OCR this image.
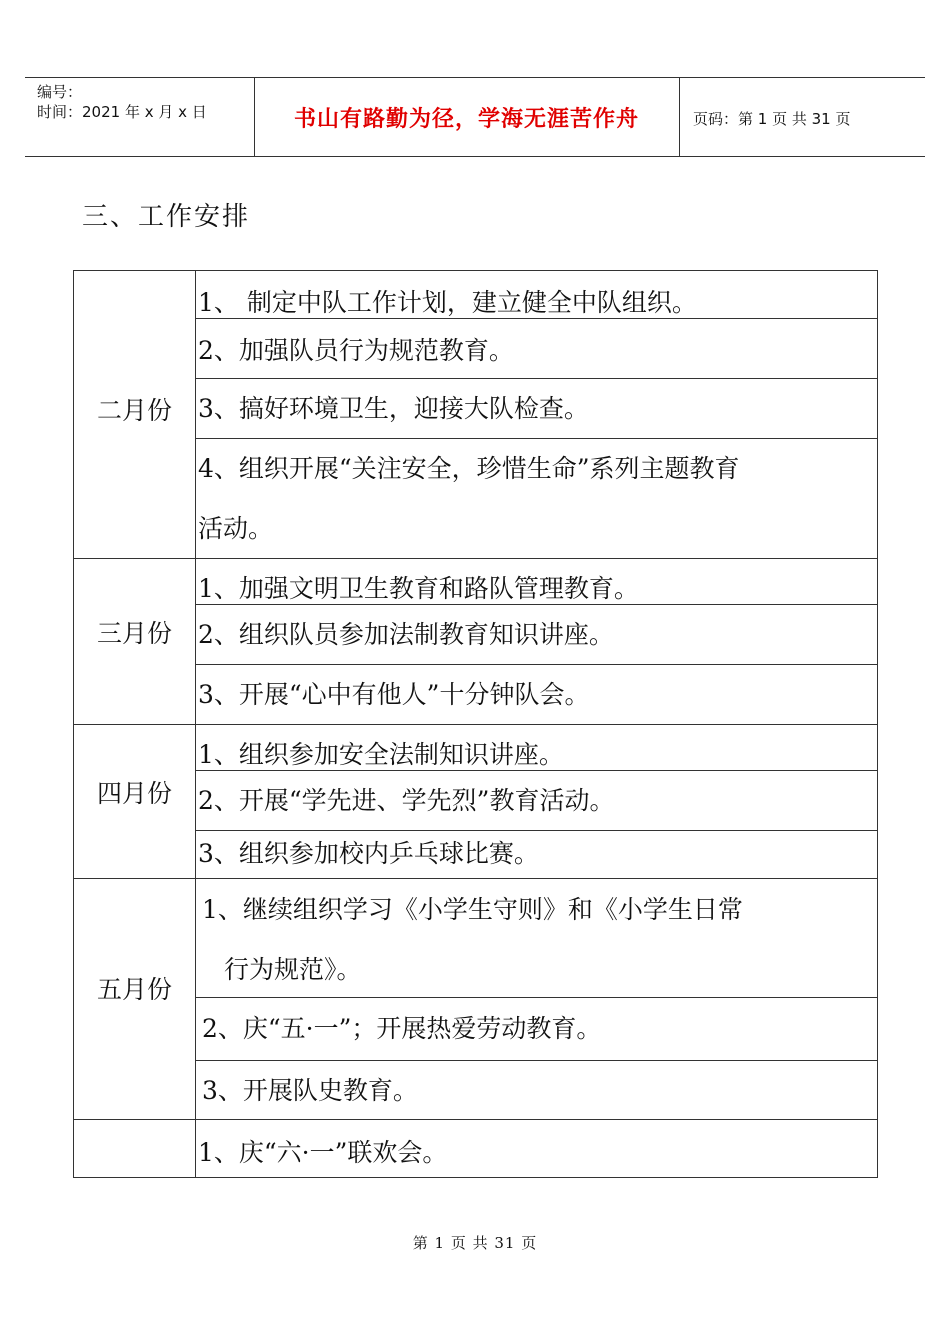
编号：
时间：2021 年 x 月 x 日	书山有路勤为径，学海无涯苦作舟	页码：第 1 页 共 31 页
三、工作安排
二月份
1、 制定中队工作计划，建立健全中队组织。
2、加强队员行为规范教育。
3、搞好环境卫生，迎接大队检查。
4、组织开展“关注安全，珍惜生命”系列主题教育
活动。
三月份
1、加强文明卫生教育和路队管理教育。
2、组织队员参加法制教育知识讲座。
3、开展“心中有他人”十分钟队会。
四月份
1、组织参加安全法制知识讲座。
2、开展“学先进、学先烈”教育活动。
3、组织参加校内乒乓球比赛。
五月份
1、继续组织学习《小学生守则》和《小学生日常
行为规范》。
2、庆“五·一”；开展热爱劳动教育。
3、开展队史教育。
1、庆“六·一”联欢会。
第 1 页 共 31 页
